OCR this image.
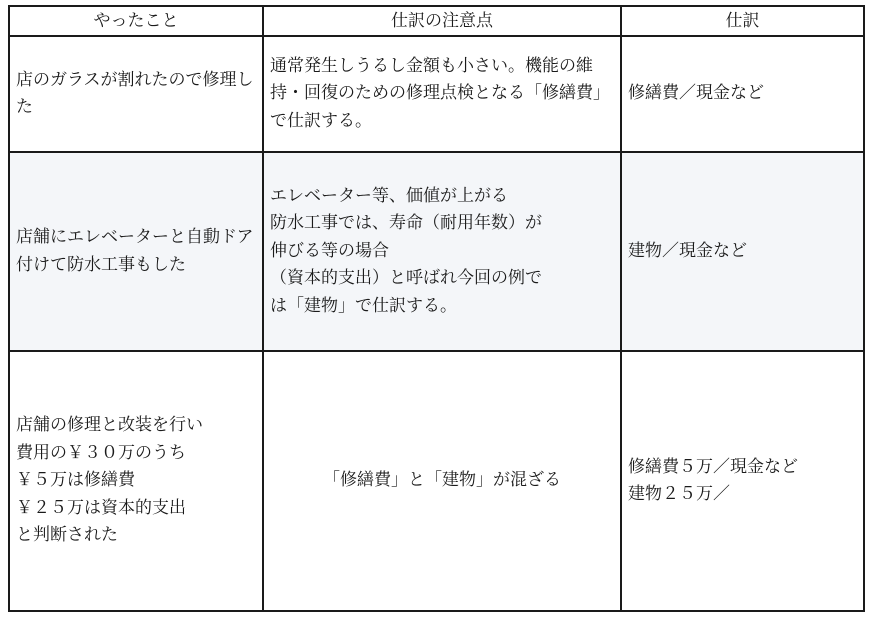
やったこと	仕訳の注意点	仕訳
店のガラスが割れたので修理した	通常発生しうるし金額も小さい。機能の維持・回復のための修理点検となる「修繕費」で仕訳する。	修繕費／現金など

店舗にエレベーターと自動ドア付けて防水工事もした	エレベーター等、価値が上がる
防水工事では、寿命（耐用年数）が
伸びる等の場合
（資本的支出）と呼ばれ今回の例で
は「建物」で仕訳する。	建物／現金など

店舗の修理と改装を行い
費用の￥３０万のうち
￥５万は修繕費
￥２５万は資本的支出
と判断された	「修繕費」と「建物」が混ざる	修繕費５万／現金など
建物２５万／
